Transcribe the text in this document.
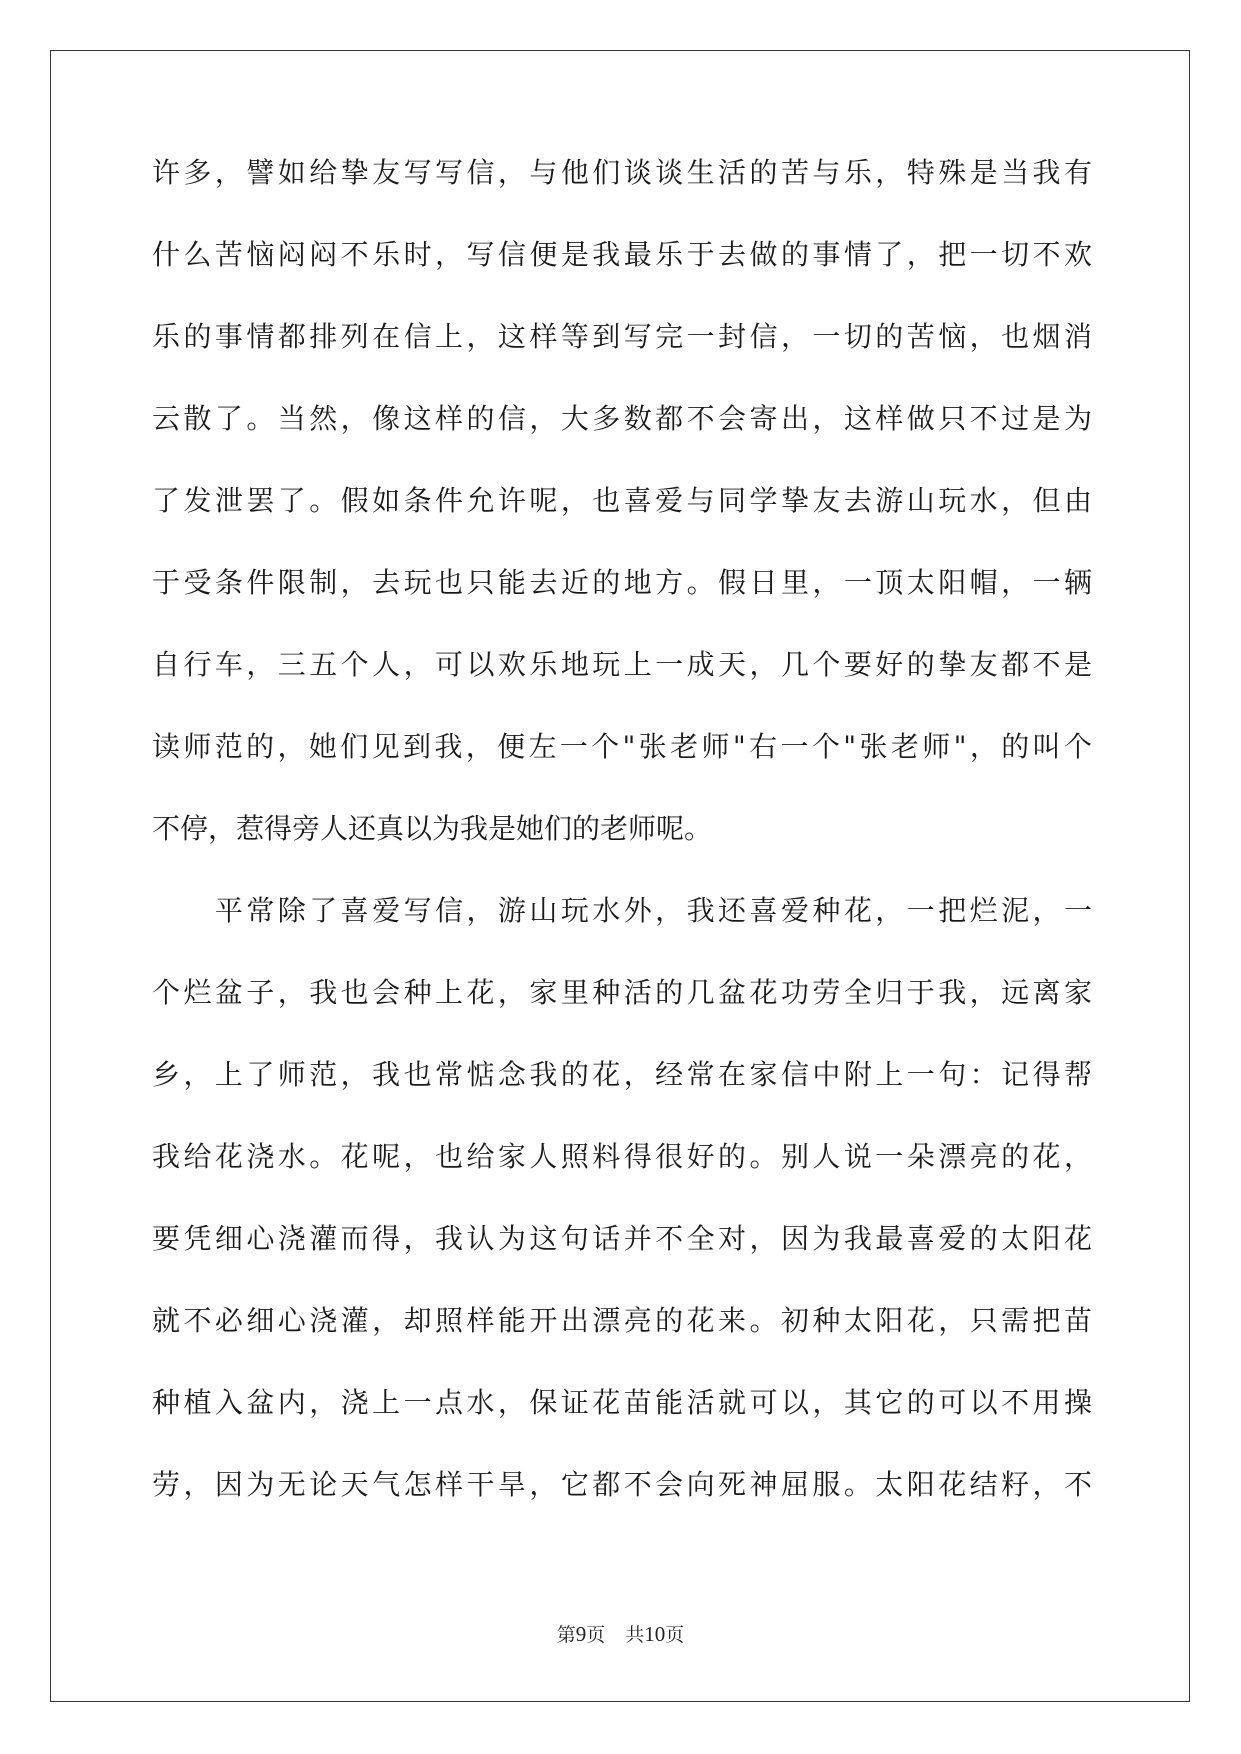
许多，譬如给挚友写写信，与他们谈谈生活的苦与乐，特殊是当我有
什么苦恼闷闷不乐时，写信便是我最乐于去做的事情了，把一切不欢
乐的事情都排列在信上，这样等到写完一封信，一切的苦恼，也烟消
云散了。当然，像这样的信，大多数都不会寄出，这样做只不过是为
了发泄罢了。假如条件允许呢，也喜爱与同学挚友去游山玩水，但由
于受条件限制，去玩也只能去近的地方。假日里，一顶太阳帽，一辆
自行车，三五个人，可以欢乐地玩上一成天，几个要好的挚友都不是
读师范的，她们见到我，便左一个"张老师"右一个"张老师"，的叫个
不停，惹得旁人还真以为我是她们的老师呢。
　　平常除了喜爱写信，游山玩水外，我还喜爱种花，一把烂泥，一
个烂盆子，我也会种上花，家里种活的几盆花功劳全归于我，远离家
乡，上了师范，我也常惦念我的花，经常在家信中附上一句：记得帮
我给花浇水。花呢，也给家人照料得很好的。别人说一朵漂亮的花，
要凭细心浇灌而得，我认为这句话并不全对，因为我最喜爱的太阳花
就不必细心浇灌，却照样能开出漂亮的花来。初种太阳花，只需把苗
种植入盆内，浇上一点水，保证花苗能活就可以，其它的可以不用操
劳，因为无论天气怎样干旱，它都不会向死神屈服。太阳花结籽，不
第9页 共10页
